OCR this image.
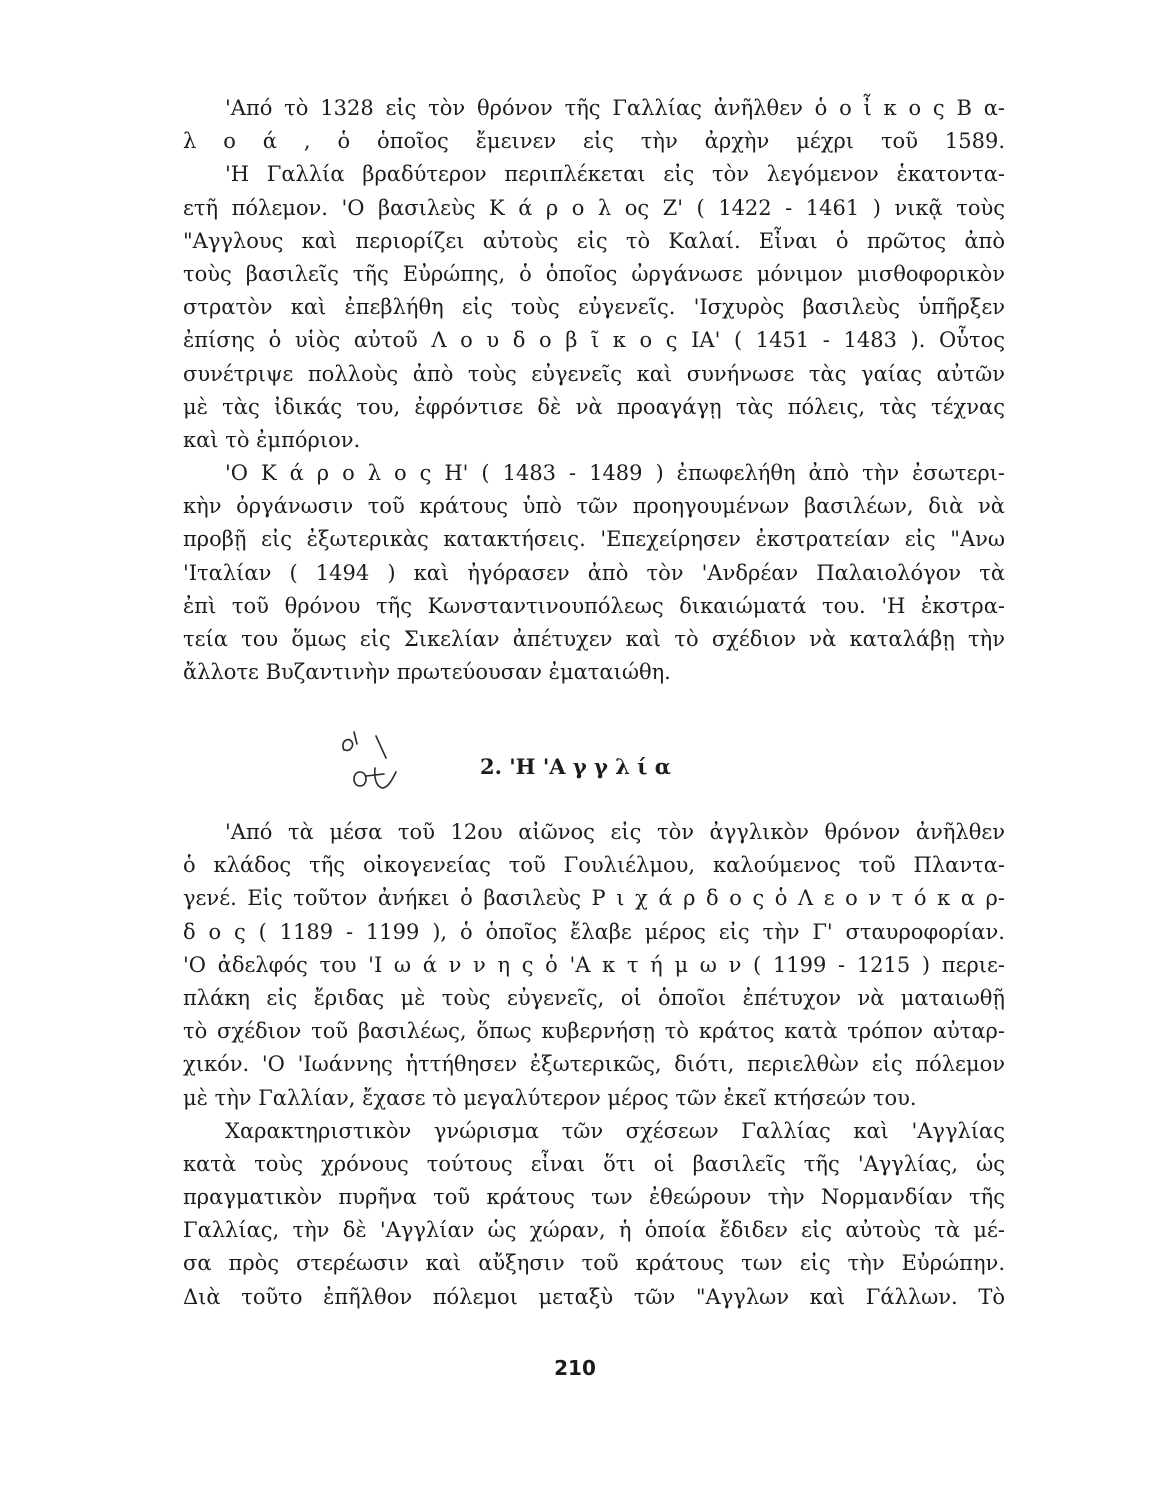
'Από τὸ 1328 εἰς τὸν θρόνον τῆς Γαλλίας ἀνῆλθεν ὁ ο ἶ κ ο ς Β α-
λ ο ά , ὁ ὁποῖος ἔμεινεν εἰς τὴν ἀρχὴν μέχρι τοῦ 1589.
'Η Γαλλία βραδύτερον περιπλέκεται εἰς τὸν λεγόμενον ἑκατοντα-
ετῆ πόλεμον. 'Ο βασιλεὺς Κ ά ρ ο λ ος Ζ' ( 1422 - 1461 ) νικᾷ τοὺς
"Αγγλους καὶ περιορίζει αὐτοὺς εἰς τὸ Καλαί. Εἶναι ὁ πρῶτος ἀπὸ
τοὺς βασιλεῖς τῆς Εὐρώπης, ὁ ὁποῖος ὠργάνωσε μόνιμον μισθοφορικὸν
στρατὸν καὶ ἐπεβλήθη εἰς τοὺς εὐγενεῖς. 'Ισχυρὸς βασιλεὺς ὑπῆρξεν
ἐπίσης ὁ υἱὸς αὐτοῦ Λ ο υ δ ο β ῖ κ ο ς ΙΑ' ( 1451 - 1483 ). Οὗτος
συνέτριψε πολλοὺς ἀπὸ τοὺς εὐγενεῖς καὶ συνήνωσε τὰς γαίας αὐτῶν
μὲ τὰς ἰδικάς του, ἐφρόντισε δὲ νὰ προαγάγῃ τὰς πόλεις, τὰς τέχνας
καὶ τὸ ἐμπόριον.
'Ο Κ ά ρ ο λ ο ς Η' ( 1483 - 1489 ) ἐπωφελήθη ἀπὸ τὴν ἐσωτερι-
κὴν ὀργάνωσιν τοῦ κράτους ὑπὸ τῶν προηγουμένων βασιλέων, διὰ νὰ
προβῇ εἰς ἐξωτερικὰς κατακτήσεις. 'Επεχείρησεν ἐκστρατείαν εἰς "Ανω
'Ιταλίαν ( 1494 ) καὶ ἠγόρασεν ἀπὸ τὸν 'Ανδρέαν Παλαιολόγον τὰ
ἐπὶ τοῦ θρόνου τῆς Κωνσταντινουπόλεως δικαιώματά του. 'Η ἐκστρα-
τεία του ὅμως εἰς Σικελίαν ἀπέτυχεν καὶ τὸ σχέδιον νὰ καταλάβῃ τὴν
ἄλλοτε Βυζαντινὴν πρωτεύουσαν ἐματαιώθη.
OT
2. 'Η 'Α γ γ λ ί α
'Από τὰ μέσα τοῦ 12ου αἰῶνος εἰς τὸν ἀγγλικὸν θρόνον ἀνῆλθεν
ὁ κλάδος τῆς οἰκογενείας τοῦ Γουλιέλμου, καλούμενος τοῦ Πλαντα-
γενέ. Εἰς τοῦτον ἀνήκει ὁ βασιλεὺς Ρ ι χ ά ρ δ ο ς ὁ Λ ε ο ν τ ό κ α ρ-
δ ο ς ( 1189 - 1199 ), ὁ ὁποῖος ἔλαβε μέρος εἰς τὴν Γ' σταυροφορίαν.
'Ο ἀδελφός του 'Ι ω ά ν ν η ς ὁ 'Α κ τ ή μ ω ν ( 1199 - 1215 ) περιε-
πλάκη εἰς ἔριδας μὲ τοὺς εὐγενεῖς, οἱ ὁποῖοι ἐπέτυχον νὰ ματαιωθῇ
τὸ σχέδιον τοῦ βασιλέως, ὅπως κυβερνήσῃ τὸ κράτος κατὰ τρόπον αὐταρ-
χικόν. 'Ο 'Ιωάννης ἡττήθησεν ἐξωτερικῶς, διότι, περιελθὼν εἰς πόλεμον
μὲ τὴν Γαλλίαν, ἔχασε τὸ μεγαλύτερον μέρος τῶν ἐκεῖ κτήσεών του.
Χαρακτηριστικὸν γνώρισμα τῶν σχέσεων Γαλλίας καὶ 'Αγγλίας
κατὰ τοὺς χρόνους τούτους εἶναι ὅτι οἱ βασιλεῖς τῆς 'Αγγλίας, ὡς
πραγματικὸν πυρῆνα τοῦ κράτους των ἐθεώρουν τὴν Νορμανδίαν τῆς
Γαλλίας, τὴν δὲ 'Αγγλίαν ὡς χώραν, ἡ ὁποία ἔδιδεν εἰς αὐτοὺς τὰ μέ-
σα πρὸς στερέωσιν καὶ αὔξησιν τοῦ κράτους των εἰς τὴν Εὐρώπην.
Διὰ τοῦτο ἐπῆλθον πόλεμοι μεταξὺ τῶν "Αγγλων καὶ Γάλλων. Τὸ
210
